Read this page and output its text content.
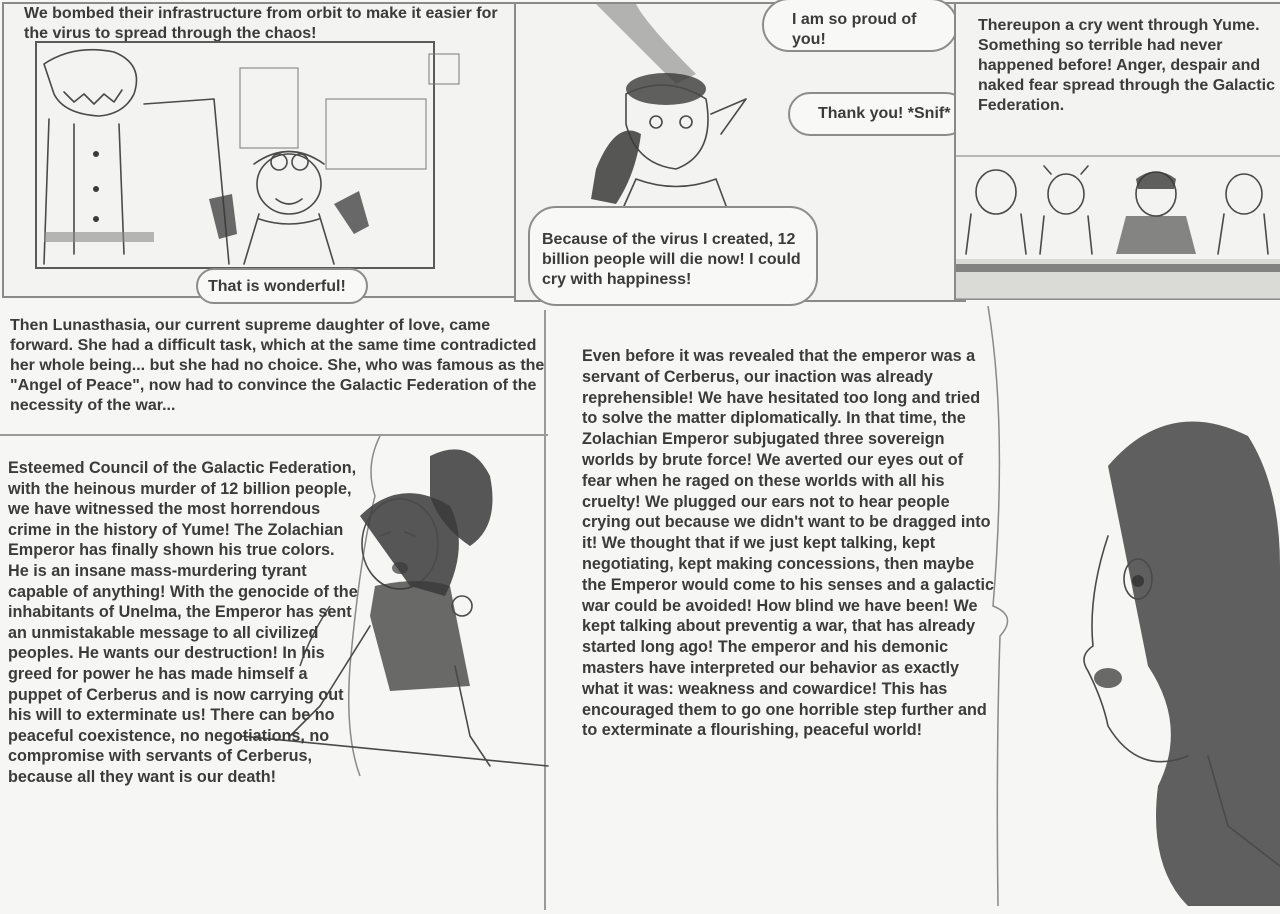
We bombed their infrastructure from orbit to make it easier for the virus to spread through the chaos!
That is wonderful!
I am so proud of you!
Thank you! *Snif*
Because of the virus I created, 12 billion people will die now! I could cry with happiness!
Thereupon a cry went through Yume. Something so terrible had never happened before! Anger, despair and naked fear spread through the Galactic Federation.
Then Lunasthasia, our current supreme daughter of love, came forward. She had a difficult task, which at the same time contradicted her whole being... but she had no choice. She, who was famous as the "Angel of Peace", now had to convince the Galactic Federation of the necessity of the war...
Esteemed Council of the Galactic Federation, with the heinous murder of 12 billion people, we have witnessed the most horrendous crime in the history of Yume! The Zolachian Emperor has finally shown his true colors. He is an insane mass-murdering tyrant capable of anything! With the genocide of the inhabitants of Unelma, the Emperor has sent an unmistakable message to all civilized peoples. He wants our destruction! In his greed for power he has made himself a puppet of Cerberus and is now carrying out his will to exterminate us! There can be no peaceful coexistence, no negotiations, no compromise with servants of Cerberus, because all they want is our death!
Even before it was revealed that the emperor was a servant of Cerberus, our inaction was already reprehensible! We have hesitated too long and tried to solve the matter diplomatically. In that time, the Zolachian Emperor subjugated three sovereign worlds by brute force! We averted our eyes out of fear when he raged on these worlds with all his cruelty! We plugged our ears not to hear people crying out because we didn't want to be dragged into it! We thought that if we just kept talking, kept negotiating, kept making concessions, then maybe the Emperor would come to his senses and a galactic war could be avoided! How blind we have been! We kept talking about preventig a war, that has already started long ago! The emperor and his demonic masters have interpreted our behavior as exactly what it was: weakness and cowardice! This has encouraged them to go one horrible step further and to exterminate a flourishing, peaceful world!
